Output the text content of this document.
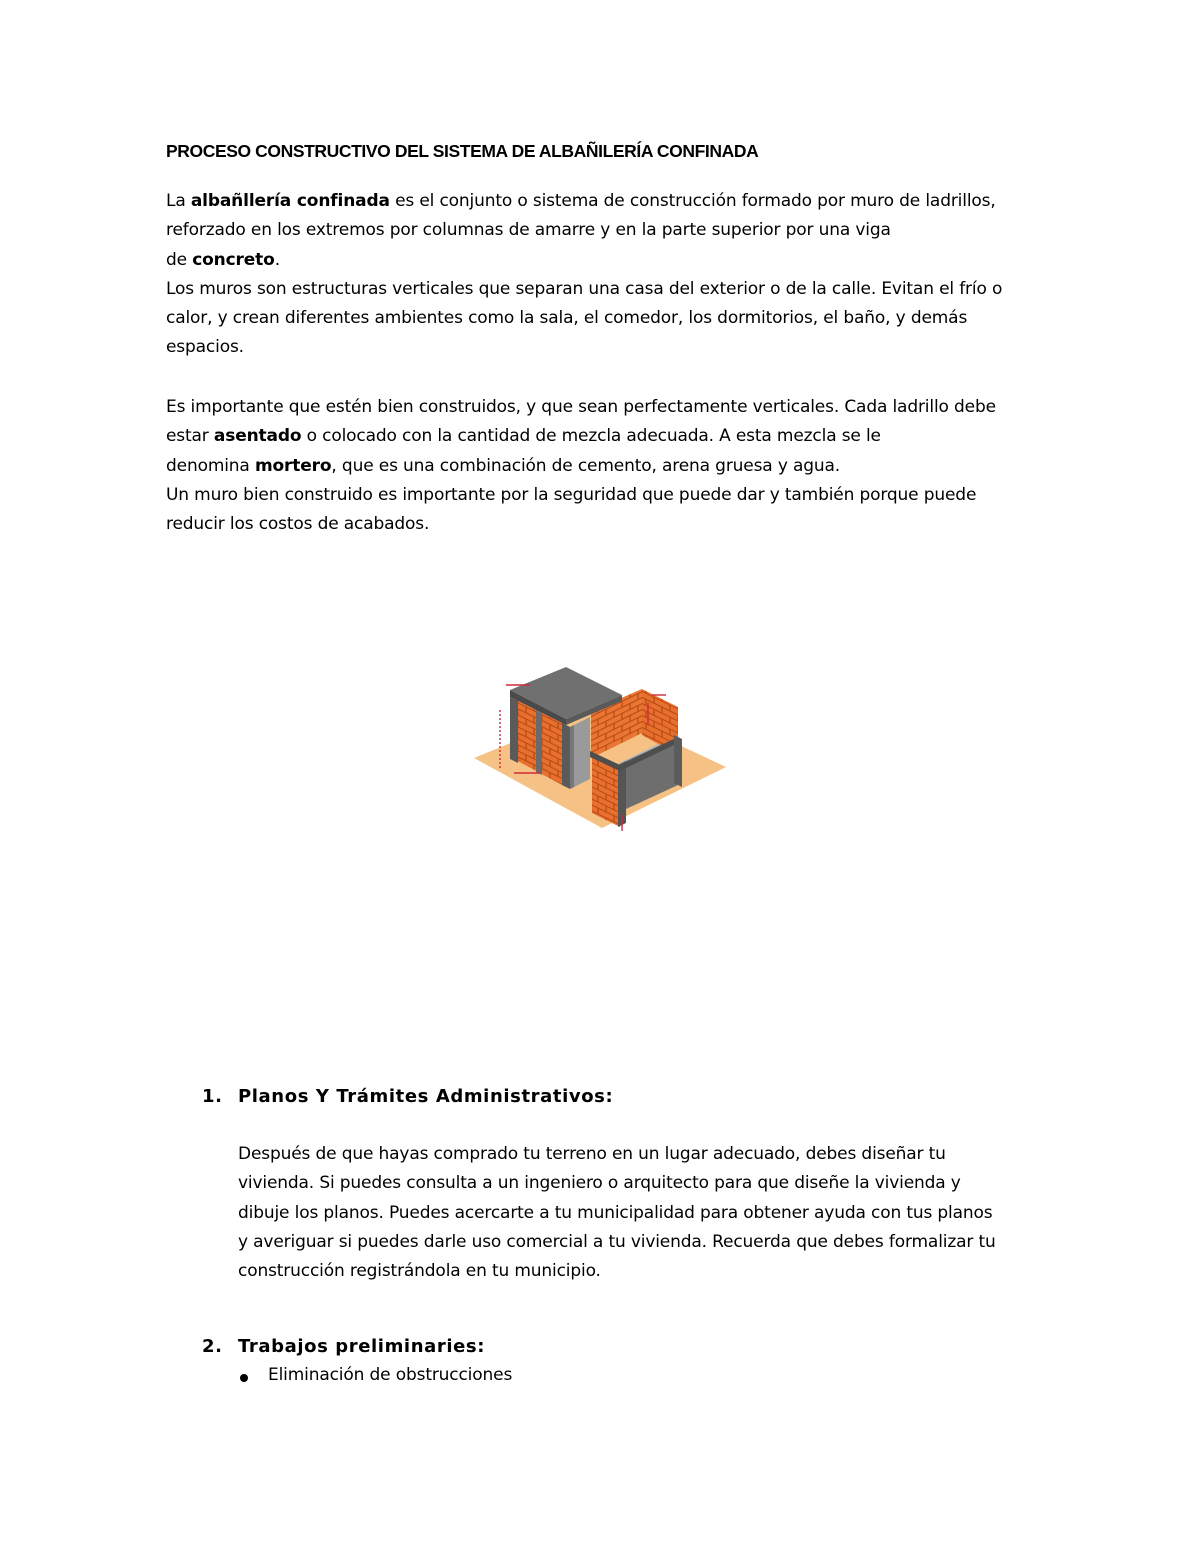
PROCESO CONSTRUCTIVO DEL SISTEMA DE ALBAÑILERÍA CONFINADA
La albañllería confinada es el conjunto o sistema de construcción formado por muro de ladrillos,
reforzado en los extremos por columnas de amarre y en la parte superior por una viga
de concreto.
Los muros son estructuras verticales que separan una casa del exterior o de la calle. Evitan el frío o
calor, y crean diferentes ambientes como la sala, el comedor, los dormitorios, el baño, y demás
espacios.
Es importante que estén bien construidos, y que sean perfectamente verticales. Cada ladrillo debe
estar asentado o colocado con la cantidad de mezcla adecuada. A esta mezcla se le
denomina mortero, que es una combinación de cemento, arena gruesa y agua.
Un muro bien construido es importante por la seguridad que puede dar y también porque puede
reducir los costos de acabados.
1. Planos Y Trámites Administrativos:
Después de que hayas comprado tu terreno en un lugar adecuado, debes diseñar tu
vivienda. Si puedes consulta a un ingeniero o arquitecto para que diseñe la vivienda y
dibuje los planos. Puedes acercarte a tu municipalidad para obtener ayuda con tus planos
y averiguar si puedes darle uso comercial a tu vivienda. Recuerda que debes formalizar tu
construcción registrándola en tu municipio.
2. Trabajos preliminaries:
Eliminación de obstrucciones
